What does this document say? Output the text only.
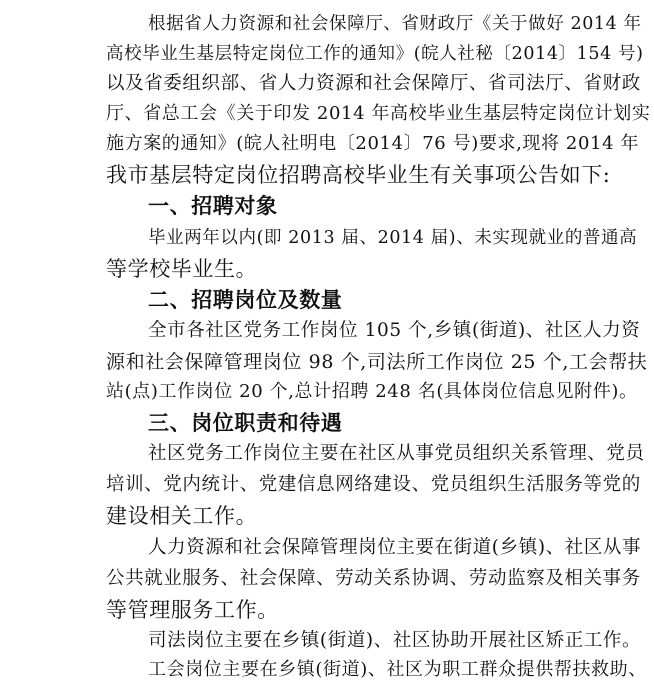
根据省人力资源和社会保障厅、省财政厅《关于做好 2014 年
高校毕业生基层特定岗位工作的通知》(皖人社秘〔2014〕154 号)
以及省委组织部、省人力资源和社会保障厅、省司法厅、省财政
厅、省总工会《关于印发 2014 年高校毕业生基层特定岗位计划实
施方案的通知》(皖人社明电〔2014〕76 号)要求,现将 2014 年
我市基层特定岗位招聘高校毕业生有关事项公告如下:
一、招聘对象
毕业两年以内(即 2013 届、2014 届)、未实现就业的普通高
等学校毕业生。
二、招聘岗位及数量
全市各社区党务工作岗位 105 个,乡镇(街道)、社区人力资
源和社会保障管理岗位 98 个,司法所工作岗位 25 个,工会帮扶
站(点)工作岗位 20 个,总计招聘 248 名(具体岗位信息见附件)。
三、岗位职责和待遇
社区党务工作岗位主要在社区从事党员组织关系管理、党员
培训、党内统计、党建信息网络建设、党员组织生活服务等党的
建设相关工作。
人力资源和社会保障管理岗位主要在街道(乡镇)、社区从事
公共就业服务、社会保障、劳动关系协调、劳动监察及相关事务
等管理服务工作。
司法岗位主要在乡镇(街道)、社区协助开展社区矫正工作。
工会岗位主要在乡镇(街道)、社区为职工群众提供帮扶救助、
